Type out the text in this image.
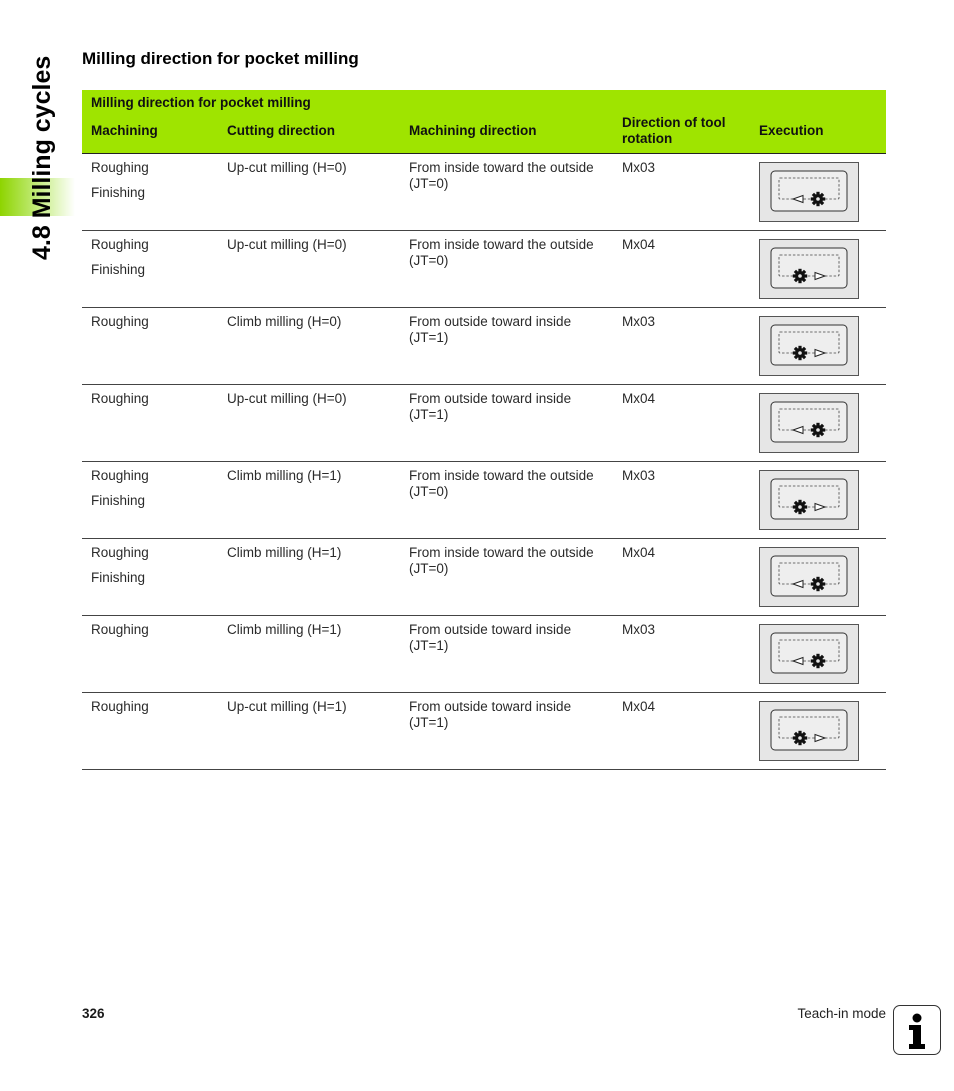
4.8 Milling cycles Milling direction for pocket milling
Milling direction for pocket milling				
Machining	Cutting direction	Machining direction	Direction of tool rotation	Execution

Roughing
Finishing	Up-cut milling (H=0)	From inside toward the outside (JT=0)	Mx03	

Roughing
Finishing	Up-cut milling (H=0)	From inside toward the outside (JT=0)	Mx04	

Roughing	Climb milling (H=0)	From outside toward inside (JT=1)	Mx03	

Roughing	Up-cut milling (H=0)	From outside toward inside (JT=1)	Mx04	

Roughing
Finishing	Climb milling (H=1)	From inside toward the outside (JT=0)	Mx03	

Roughing
Finishing	Climb milling (H=1)	From inside toward the outside (JT=0)	Mx04	

Roughing	Climb milling (H=1)	From outside toward inside (JT=1)	Mx03	

Roughing	Up-cut milling (H=1)	From outside toward inside (JT=1)	Mx04	
326	Teach-in mode
